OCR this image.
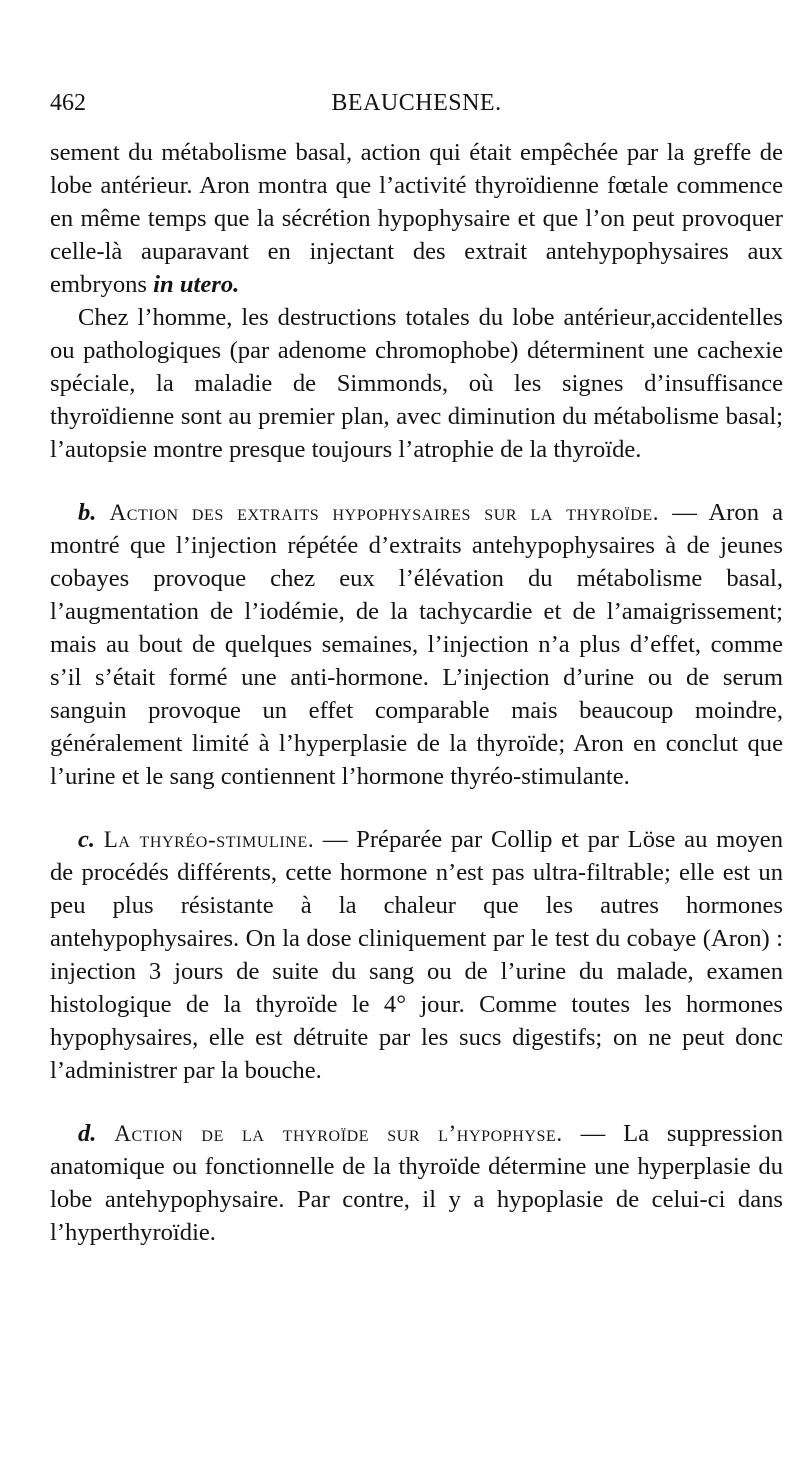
462	BEAUCHESNE.

sement du métabolisme basal, action qui était empêchée par la greffe de lobe antérieur. Aron montra que l’activité thyroïdienne fœtale commence en même temps que la sécrétion hypophysaire et que l’on peut provoquer celle-là auparavant en injectant des extrait antehypophysaires aux embryons in utero.

Chez l’homme, les destructions totales du lobe antérieur,accidentelles ou pathologiques (par adenome chromophobe) déterminent une cachexie spéciale, la maladie de Simmonds, où les signes d’insuffisance thyroïdienne sont au premier plan, avec diminution du métabolisme basal; l’autopsie montre presque toujours l’atrophie de la thyroïde.

b. Action des extraits hypophysaires sur la thyroïde. — Aron a montré que l’injection répétée d’extraits antehypophysaires à de jeunes cobayes provoque chez eux l’élévation du métabolisme basal, l’augmentation de l’iodémie, de la tachycardie et de l’amaigrissement; mais au bout de quelques semaines, l’injection n’a plus d’effet, comme s’il s’était formé une anti-hormone. L’injection d’urine ou de serum sanguin provoque un effet comparable mais beaucoup moindre, généralement limité à l’hyperplasie de la thyroïde; Aron en conclut que l’urine et le sang contiennent l’hormone thyréo-stimulante.

c. La thyréo-stimuline. — Préparée par Collip et par Löse au moyen de procédés différents, cette hormone n’est pas ultra-filtrable; elle est un peu plus résistante à la chaleur que les autres hormones antehypophysaires. On la dose cliniquement par le test du cobaye (Aron) : injection 3 jours de suite du sang ou de l’urine du malade, examen histologique de la thyroïde le 4° jour. Comme toutes les hormones hypophysaires, elle est détruite par les sucs digestifs; on ne peut donc l’administrer par la bouche.

d. Action de la thyroïde sur l’hypophyse. — La suppression anatomique ou fonctionnelle de la thyroïde détermine une hyperplasie du lobe antehypophysaire. Par contre, il y a hypoplasie de celui-ci dans l’hyperthyroïdie.
